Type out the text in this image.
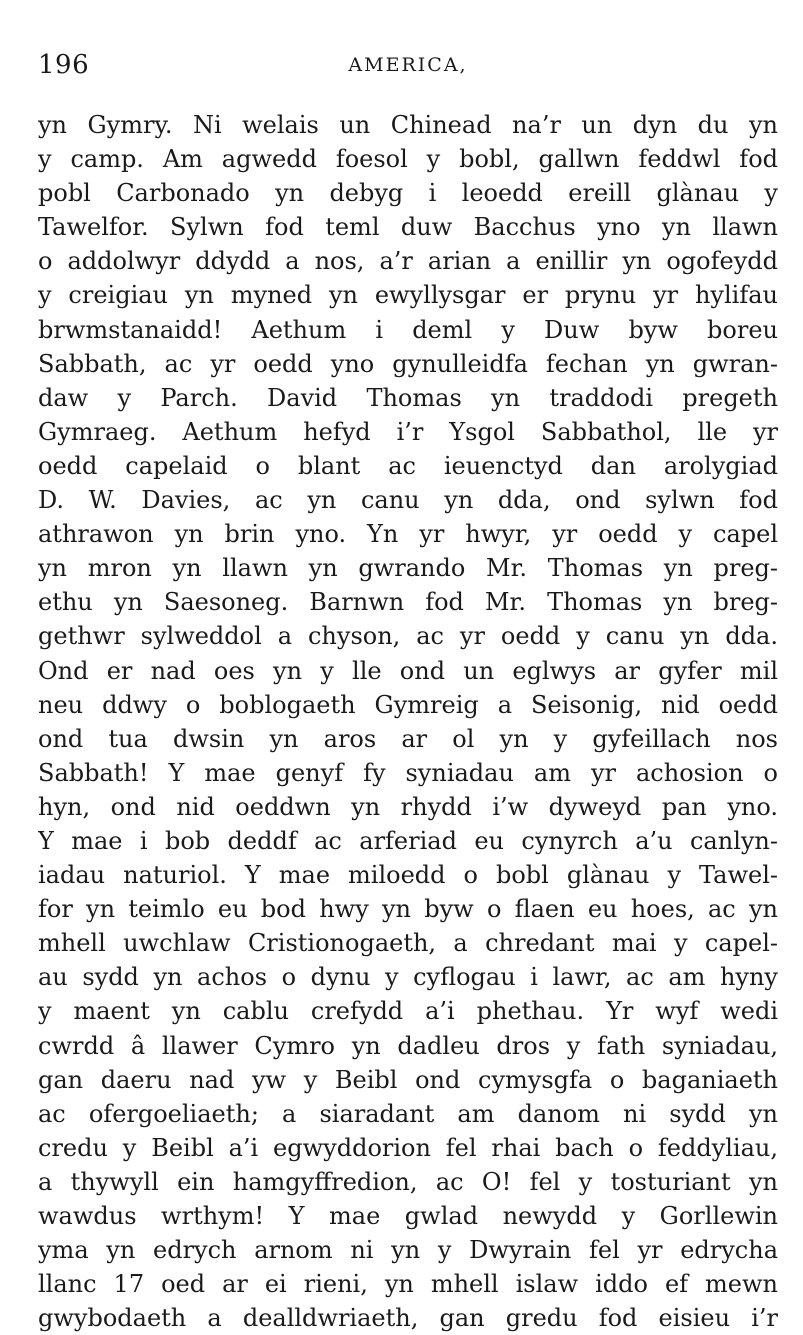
196	AMERICA,
yn Gymry. Ni welais un Chinead na’r un dyn du yn
y camp. Am agwedd foesol y bobl, gallwn feddwl fod
pobl Carbonado yn debyg i leoedd ereill glànau y
Tawelfor. Sylwn fod teml duw Bacchus yno yn llawn
o addolwyr ddydd a nos, a’r arian a enillir yn ogofeydd
y creigiau yn myned yn ewyllysgar er prynu yr hylifau
brwmstanaidd! Aethum i deml y Duw byw boreu
Sabbath, ac yr oedd yno gynulleidfa fechan yn gwran-
daw y Parch. David Thomas yn traddodi pregeth
Gymraeg. Aethum hefyd i’r Ysgol Sabbathol, lle yr
oedd capelaid o blant ac ieuenctyd dan arolygiad
D. W. Davies, ac yn canu yn dda, ond sylwn fod
athrawon yn brin yno. Yn yr hwyr, yr oedd y capel
yn mron yn llawn yn gwrando Mr. Thomas yn preg-
ethu yn Saesoneg. Barnwn fod Mr. Thomas yn breg-
gethwr sylweddol a chyson, ac yr oedd y canu yn dda.
Ond er nad oes yn y lle ond un eglwys ar gyfer mil
neu ddwy o boblogaeth Gymreig a Seisonig, nid oedd
ond tua dwsin yn aros ar ol yn y gyfeillach nos
Sabbath! Y mae genyf fy syniadau am yr achosion o
hyn, ond nid oeddwn yn rhydd i’w dyweyd pan yno.
Y mae i bob deddf ac arferiad eu cynyrch a’u canlyn-
iadau naturiol. Y mae miloedd o bobl glànau y Tawel-
for yn teimlo eu bod hwy yn byw o flaen eu hoes, ac yn
mhell uwchlaw Cristionogaeth, a chredant mai y capel-
au sydd yn achos o dynu y cyflogau i lawr, ac am hyny
y maent yn cablu crefydd a’i phethau. Yr wyf wedi
cwrdd â llawer Cymro yn dadleu dros y fath syniadau,
gan daeru nad yw y Beibl ond cymysgfa o baganiaeth
ac ofergoeliaeth; a siaradant am danom ni sydd yn
credu y Beibl a’i egwyddorion fel rhai bach o feddyliau,
a thywyll ein hamgyffredion, ac O! fel y tosturiant yn
wawdus wrthym! Y mae gwlad newydd y Gorllewin
yma yn edrych arnom ni yn y Dwyrain fel yr edrycha
llanc 17 oed ar ei rieni, yn mhell islaw iddo ef mewn
gwybodaeth a dealldwriaeth, gan gredu fod eisieu i’r
